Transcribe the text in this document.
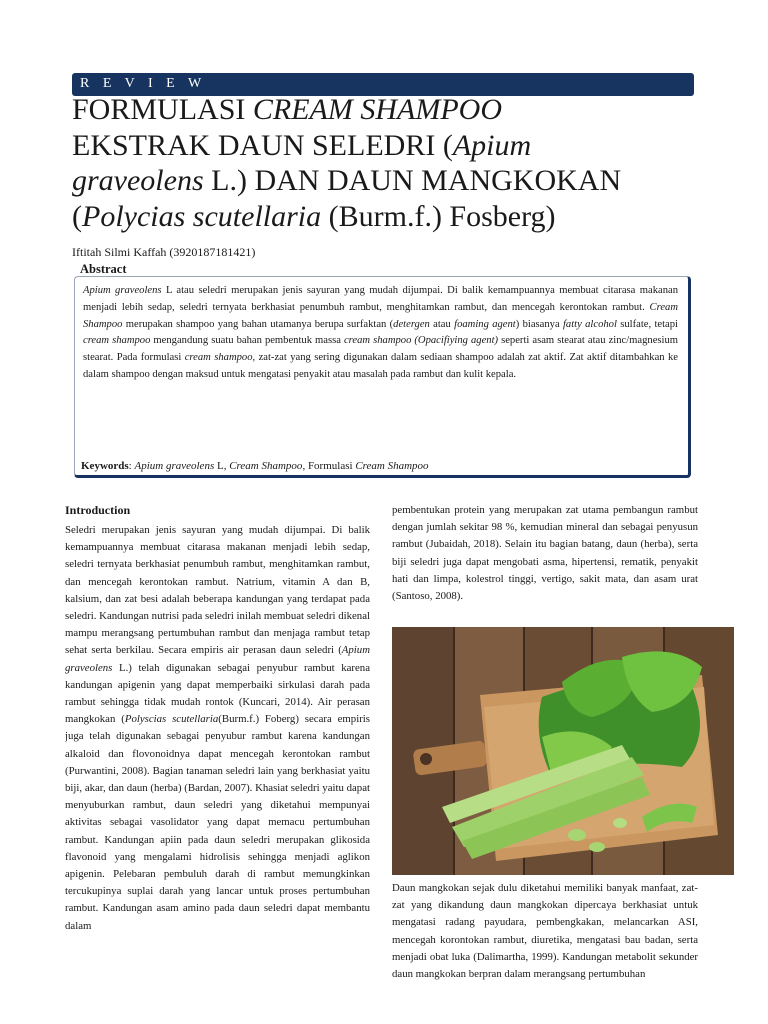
R E V I E W
FORMULASI CREAM SHAMPOO
EKSTRAK DAUN SELEDRI (Apium
graveolens L.) DAN DAUN MANGKOKAN
(Polycias scutellaria (Burm.f.) Fosberg)
Iftitah Silmi Kaffah (3920187181421)
Abstract

Apium graveolens L atau seledri merupakan jenis sayuran yang mudah dijumpai. Di balik kemampuannya membuat citarasa makanan menjadi lebih sedap, seledri ternyata berkhasiat penumbuh rambut, menghitamkan rambut, dan mencegah kerontokan rambut. Cream Shampoo merupakan shampoo yang bahan utamanya berupa surfaktan (detergen atau foaming agent) biasanya fatty alcohol sulfate, tetapi cream shampoo mengandung suatu bahan pembentuk massa cream shampoo (Opacifiying agent) seperti asam stearat atau zinc/magnesium stearat. Pada formulasi cream shampoo, zat-zat yang sering digunakan dalam sediaan shampoo adalah zat aktif. Zat aktif ditambahkan ke dalam shampoo dengan maksud untuk mengatasi penyakit atau masalah pada rambut dan kulit kepala.

Keywords: Apium graveolens L, Cream Shampoo, Formulasi Cream Shampoo

Introduction

Seledri merupakan jenis sayuran yang mudah dijumpai. Di balik kemampuannya membuat citarasa makanan menjadi lebih sedap, seledri ternyata berkhasiat penumbuh rambut, menghitamkan rambut, dan mencegah kerontokan rambut. Natrium, vitamin A dan B, kalsium, dan zat besi adalah beberapa kandungan yang terdapat pada seledri. Kandungan nutrisi pada seledri inilah membuat seledri dikenal mampu merangsang pertumbuhan rambut dan menjaga rambut tetap sehat serta berkilau. Secara empiris air perasan daun seledri (Apium graveolens L.) telah digunakan sebagai penyubur rambut karena kandungan apigenin yang dapat memperbaiki sirkulasi darah pada rambut sehingga tidak mudah rontok (Kuncari, 2014). Air perasan mangkokan (Polyscias scutellaria(Burm.f.) Foberg) secara empiris juga telah digunakan sebagai penyubur rambut karena kandungan alkaloid dan flovonoidnya dapat mencegah kerontokan rambut (Purwantini, 2008). Bagian tanaman seledri lain yang berkhasiat yaitu biji, akar, dan daun (herba) (Bardan, 2007). Khasiat seledri yaitu dapat menyuburkan rambut, daun seledri yang diketahui mempunyai aktivitas sebagai vasolidator yang dapat memacu pertumbuhan rambut. Kandungan apiin pada daun seledri merupakan glikosida flavonoid yang mengalami hidrolisis sehingga menjadi aglikon apigenin. Pelebaran pembuluh darah di rambut memungkinkan tercukupinya suplai darah yang lancar untuk proses pertumbuhan rambut. Kandungan asam amino pada daun seledri dapat membantu dalam

pembentukan protein yang merupakan zat utama pembangun rambut dengan jumlah sekitar 98 %, kemudian mineral dan sebagai penyusun rambut (Jubaidah, 2018). Selain itu bagian batang, daun (herba), serta biji seledri juga dapat mengobati asma, hipertensi, rematik, penyakit hati dan limpa, kolestrol tinggi, vertigo, sakit mata, dan asam urat (Santoso, 2008).

Daun mangkokan sejak dulu diketahui memiliki banyak manfaat, zat-zat yang dikandung daun mangkokan dipercaya berkhasiat untuk mengatasi radang payudara, pembengkakan, melancarkan ASI, mencegah korontokan rambut, diuretika, mengatasi bau badan, serta menjadi obat luka (Dalimartha, 1999). Kandungan metabolit sekunder daun mangkokan berpran dalam merangsang pertumbuhan
